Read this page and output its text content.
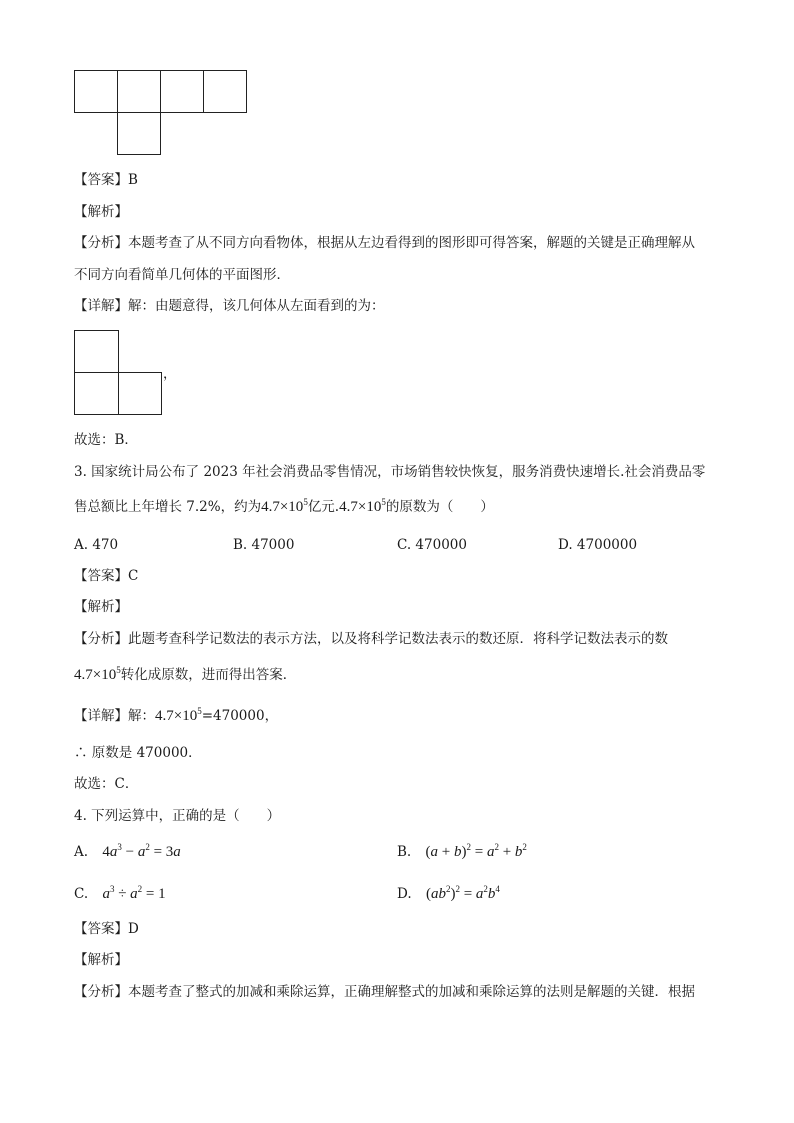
【答案】B
【解析】
【分析】本题考查了从不同方向看物体，根据从左边看得到的图形即可得答案，解题的关键是正确理解从
不同方向看简单几何体的平面图形．
【详解】解：由题意得，该几何体从左面看到的为：
，
故选：B．
3. 国家统计局公布了 2023 年社会消费品零售情况，市场销售较快恢复，服务消费快速增长.社会消费品零
售总额比上年增长 7.2%，约为$4.7\times 10^5$亿元$.4.7\times 10^5$的原数为（　　）
A. 470	B. 47000	C. 470000	D. 4700000
【答案】C
【解析】
【分析】此题考查科学记数法的表示方法，以及将科学记数法表示的数还原．将科学记数法表示的数
$4.7\times 10^5$转化成原数，进而得出答案．
【详解】解：$4.7\times 10^5=470000$，
∴ 原数是 470000．
故选：C．
4. 下列运算中，正确的是（　　）
A. $4a^3 - a^2 = 3a$	B. $(a + b)^2 = a^2 + b^2$
C. $a^3 \div a^2 = 1$	D. $(ab^2)^2 = a^2b^4$
【答案】D
【解析】
【分析】本题考查了整式的加减和乘除运算，正确理解整式的加减和乘除运算的法则是解题的关键．根据
